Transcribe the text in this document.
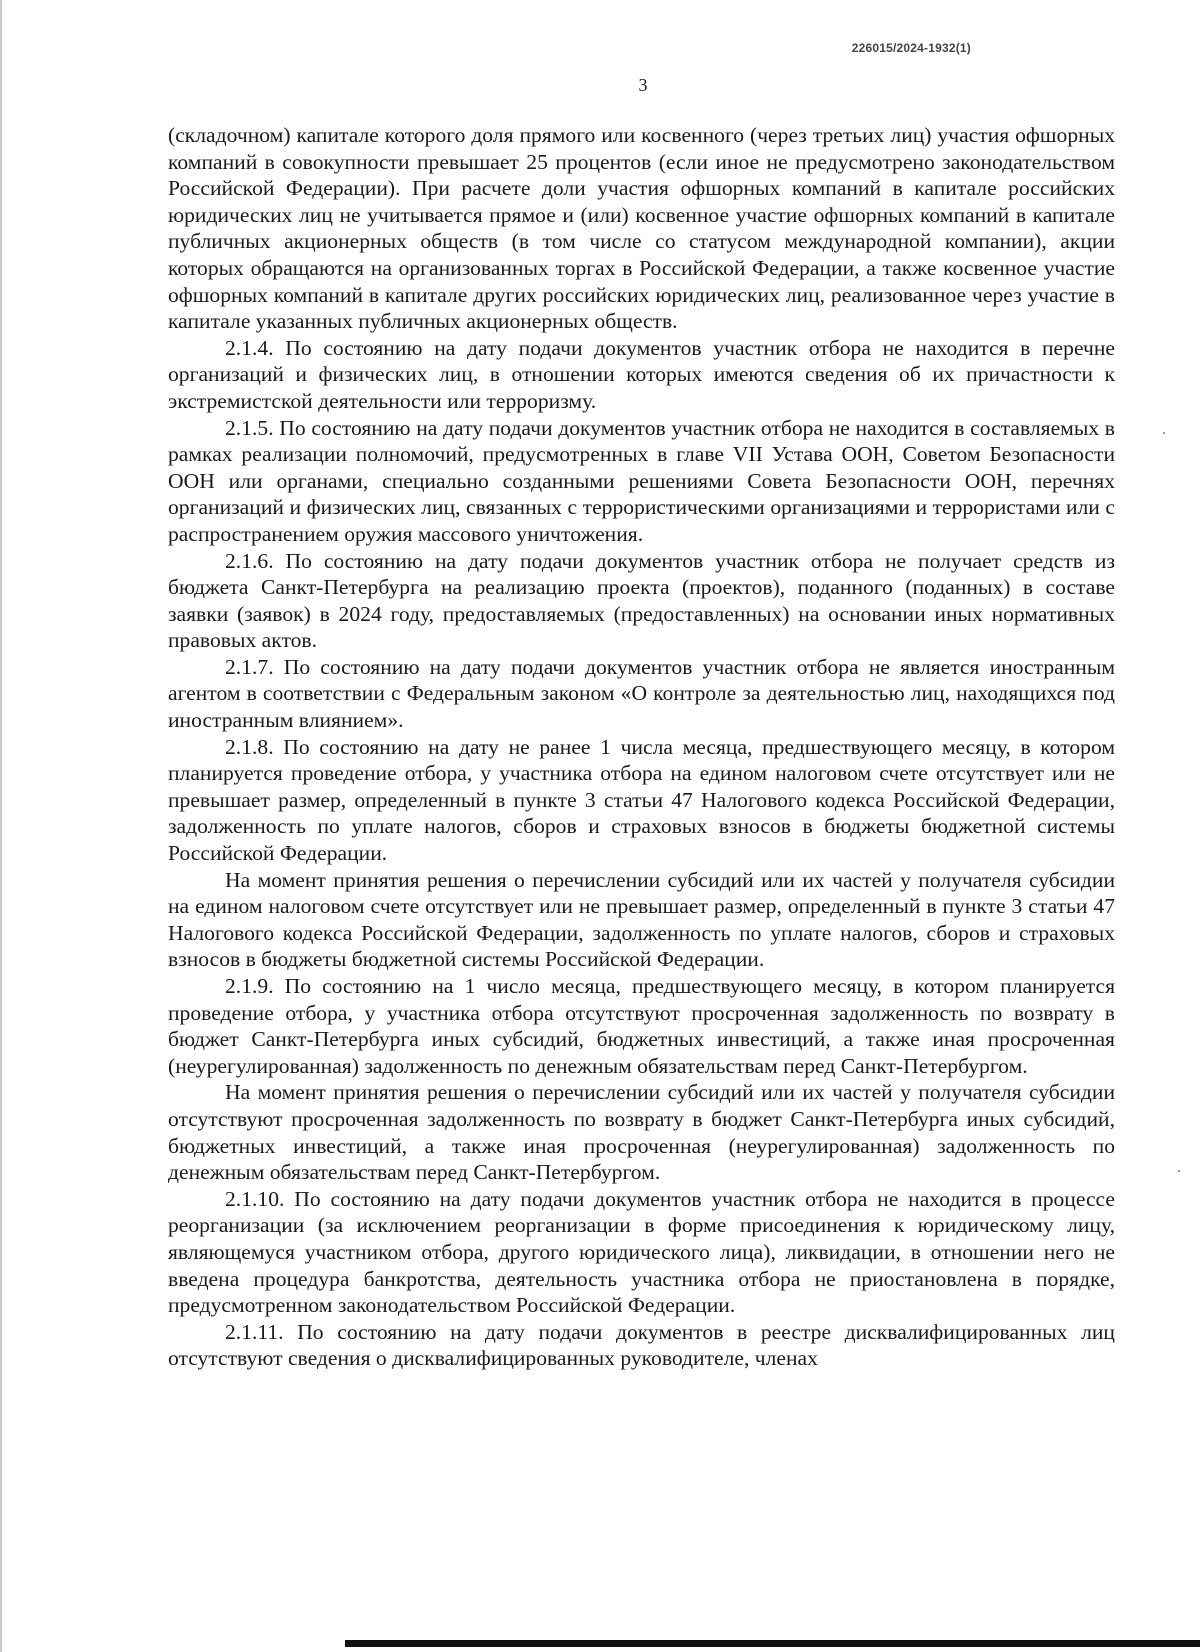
226015/2024-1932(1)
3

(складочном) капитале которого доля прямого или косвенного (через третьих лиц) участия офшорных компаний в совокупности превышает 25 процентов (если иное не предусмотрено законодательством Российской Федерации). При расчете доли участия офшорных компаний в капитале российских юридических лиц не учитывается прямое и (или) косвенное участие офшорных компаний в капитале публичных акционерных обществ (в том числе со статусом международной компании), акции которых обращаются на организованных торгах в Российской Федерации, а также косвенное участие офшорных компаний в капитале других российских юридических лиц, реализованное через участие в капитале указанных публичных акционерных обществ.

2.1.4. По состоянию на дату подачи документов участник отбора не находится в перечне организаций и физических лиц, в отношении которых имеются сведения об их причастности к экстремистской деятельности или терроризму.

2.1.5. По состоянию на дату подачи документов участник отбора не находится в составляемых в рамках реализации полномочий, предусмотренных в главе VII Устава ООН, Советом Безопасности ООН или органами, специально созданными решениями Совета Безопасности ООН, перечнях организаций и физических лиц, связанных с террористическими организациями и террористами или с распространением оружия массового уничтожения.

2.1.6. По состоянию на дату подачи документов участник отбора не получает средств из бюджета Санкт-Петербурга на реализацию проекта (проектов), поданного (поданных) в составе заявки (заявок) в 2024 году, предоставляемых (предоставленных) на основании иных нормативных правовых актов.

2.1.7. По состоянию на дату подачи документов участник отбора не является иностранным агентом в соответствии с Федеральным законом «О контроле за деятельностью лиц, находящихся под иностранным влиянием».

2.1.8. По состоянию на дату не ранее 1 числа месяца, предшествующего месяцу, в котором планируется проведение отбора, у участника отбора на едином налоговом счете отсутствует или не превышает размер, определенный в пункте 3 статьи 47 Налогового кодекса Российской Федерации, задолженность по уплате налогов, сборов и страховых взносов в бюджеты бюджетной системы Российской Федерации.

На момент принятия решения о перечислении субсидий или их частей у получателя субсидии на едином налоговом счете отсутствует или не превышает размер, определенный в пункте 3 статьи 47 Налогового кодекса Российской Федерации, задолженность по уплате налогов, сборов и страховых взносов в бюджеты бюджетной системы Российской Федерации.

2.1.9. По состоянию на 1 число месяца, предшествующего месяцу, в котором планируется проведение отбора, у участника отбора отсутствуют просроченная задолженность по возврату в бюджет Санкт-Петербурга иных субсидий, бюджетных инвестиций, а также иная просроченная (неурегулированная) задолженность по денежным обязательствам перед Санкт-Петербургом.

На момент принятия решения о перечислении субсидий или их частей у получателя субсидии отсутствуют просроченная задолженность по возврату в бюджет Санкт-Петербурга иных субсидий, бюджетных инвестиций, а также иная просроченная (неурегулированная) задолженность по денежным обязательствам перед Санкт-Петербургом.

2.1.10. По состоянию на дату подачи документов участник отбора не находится в процессе реорганизации (за исключением реорганизации в форме присоединения к юридическому лицу, являющемуся участником отбора, другого юридического лица), ликвидации, в отношении него не введена процедура банкротства, деятельность участника отбора не приостановлена в порядке, предусмотренном законодательством Российской Федерации.

2.1.11. По состоянию на дату подачи документов в реестре дисквалифицированных лиц отсутствуют сведения о дисквалифицированных руководителе, членах
